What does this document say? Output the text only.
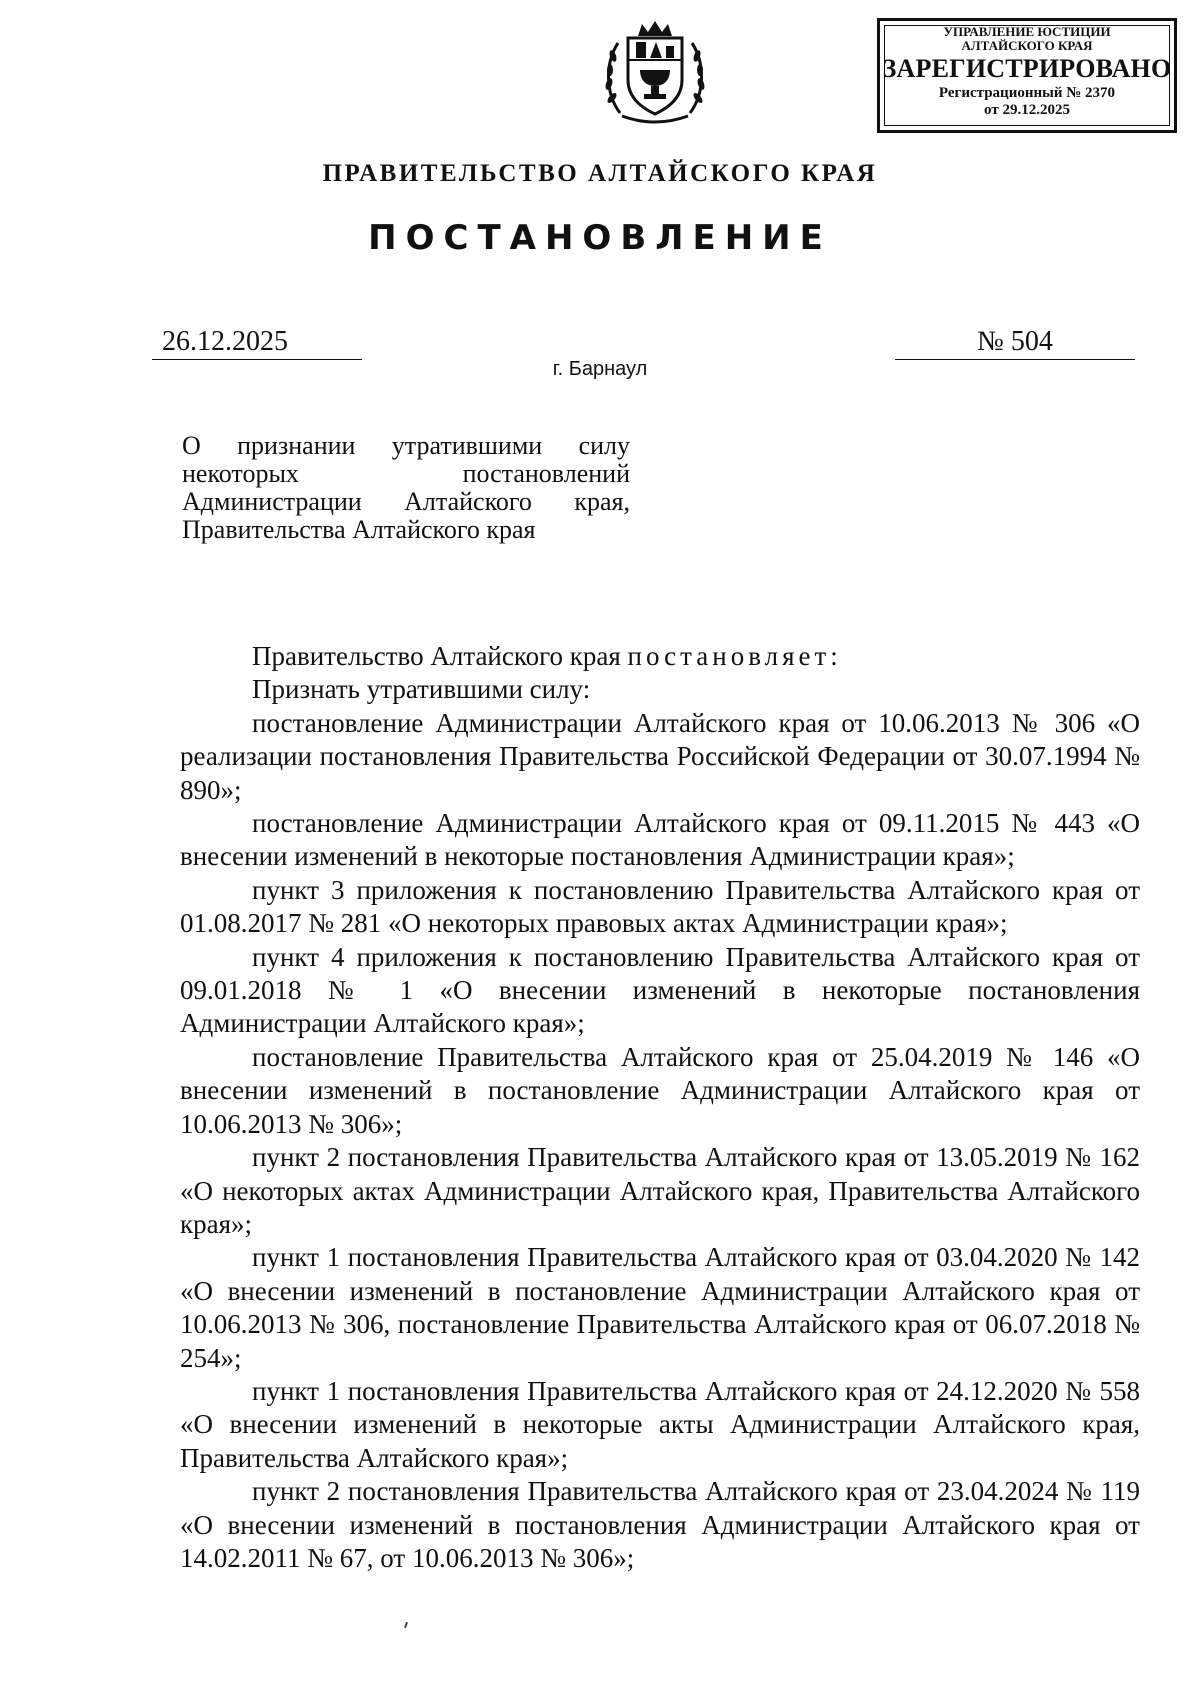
УПРАВЛЕНИЕ ЮСТИЦИИ
АЛТАЙСКОГО КРАЯ
ЗАРЕГИСТРИРОВАНО
Регистрационный № 2370
от 29.12.2025
ПРАВИТЕЛЬСТВО АЛТАЙСКОГО КРАЯ
ПОСТАНОВЛЕНИЕ
26.12.2025	№ 504
г. Барнаул

О признании утратившими силу

некоторых постановлений

Администрации Алтайского края,

Правительства Алтайского края

Правительство Алтайского края постановляет:

Признать утратившими силу:

постановление Администрации Алтайского края от 10.06.2013 № 306 «О реализации постановления Правительства Российской Федерации от 30.07.1994 № 890»;

постановление Администрации Алтайского края от 09.11.2015 № 443 «О внесении изменений в некоторые постановления Администрации края»;

пункт 3 приложения к постановлению Правительства Алтайского края от 01.08.2017 № 281 «О некоторых правовых актах Администрации края»;

пункт 4 приложения к постановлению Правительства Алтайского края от 09.01.2018 № 1 «О внесении изменений в некоторые постановления Администрации Алтайского края»;

постановление Правительства Алтайского края от 25.04.2019 № 146 «О внесении изменений в постановление Администрации Алтайского края от 10.06.2013 № 306»;

пункт 2 постановления Правительства Алтайского края от 13.05.2019 № 162 «О некоторых актах Администрации Алтайского края, Правительства Алтайского края»;

пункт 1 постановления Правительства Алтайского края от 03.04.2020 № 142 «О внесении изменений в постановление Администрации Алтайского края от 10.06.2013 № 306, постановление Правительства Алтайского края от 06.07.2018 № 254»;

пункт 1 постановления Правительства Алтайского края от 24.12.2020 № 558 «О внесении изменений в некоторые акты Администрации Алтайского края, Правительства Алтайского края»;

пункт 2 постановления Правительства Алтайского края от 23.04.2024 № 119 «О внесении изменений в постановления Администрации Алтайского края от 14.02.2011 № 67, от 10.06.2013 № 306»;
